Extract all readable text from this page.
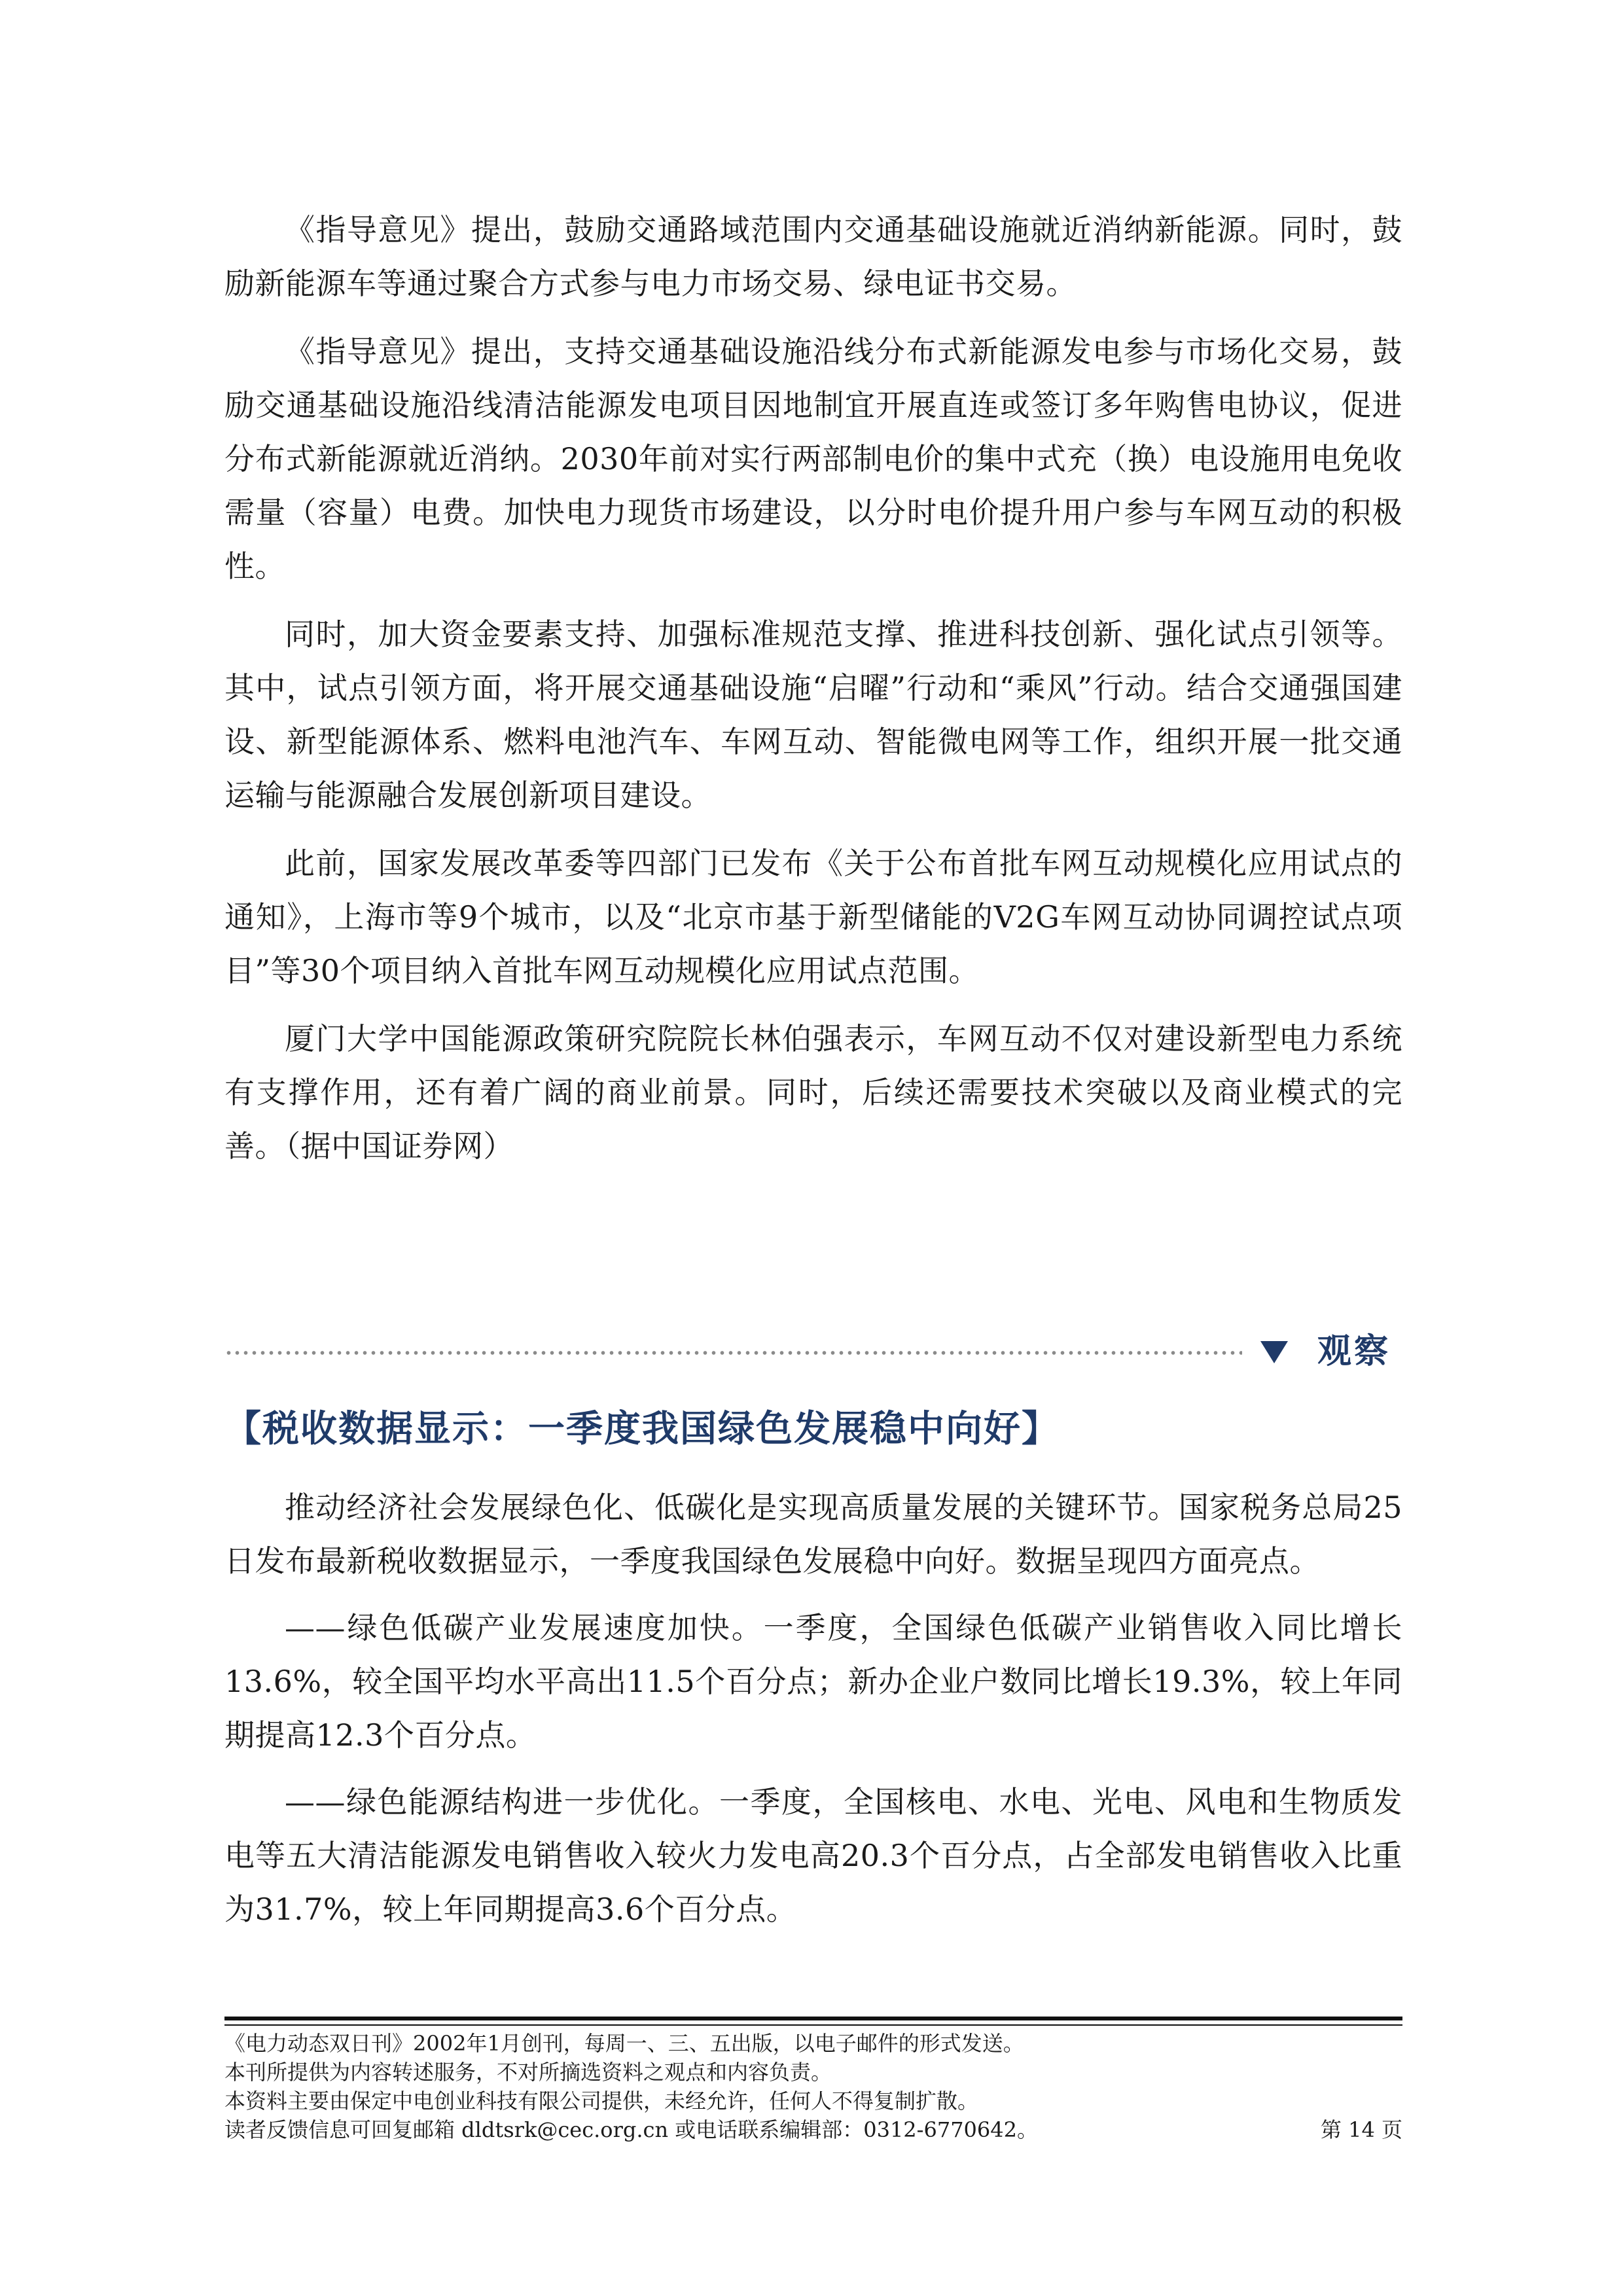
《指导意见》提出，鼓励交通路域范围内交通基础设施就近消纳新能源。同时，鼓励新能源车等通过聚合方式参与电力市场交易、绿电证书交易。

《指导意见》提出，支持交通基础设施沿线分布式新能源发电参与市场化交易，鼓励交通基础设施沿线清洁能源发电项目因地制宜开展直连或签订多年购售电协议，促进分布式新能源就近消纳。2030年前对实行两部制电价的集中式充（换）电设施用电免收需量（容量）电费。加快电力现货市场建设，以分时电价提升用户参与车网互动的积极性。

同时，加大资金要素支持、加强标准规范支撑、推进科技创新、强化试点引领等。其中，试点引领方面，将开展交通基础设施“启曜”行动和“乘风”行动。结合交通强国建设、新型能源体系、燃料电池汽车、车网互动、智能微电网等工作，组织开展一批交通运输与能源融合发展创新项目建设。

此前，国家发展改革委等四部门已发布《关于公布首批车网互动规模化应用试点的通知》，上海市等9个城市，以及“北京市基于新型储能的V2G车网互动协同调控试点项目”等30个项目纳入首批车网互动规模化应用试点范围。

厦门大学中国能源政策研究院院长林伯强表示，车网互动不仅对建设新型电力系统有支撑作用，还有着广阔的商业前景。同时，后续还需要技术突破以及商业模式的完善。（据中国证券网）

观察
【税收数据显示：一季度我国绿色发展稳中向好】

推动经济社会发展绿色化、低碳化是实现高质量发展的关键环节。国家税务总局25日发布最新税收数据显示，一季度我国绿色发展稳中向好。数据呈现四方面亮点。

——绿色低碳产业发展速度加快。一季度，全国绿色低碳产业销售收入同比增长13.6%，较全国平均水平高出11.5个百分点；新办企业户数同比增长19.3%，较上年同期提高12.3个百分点。

——绿色能源结构进一步优化。一季度，全国核电、水电、光电、风电和生物质发电等五大清洁能源发电销售收入较火力发电高20.3个百分点，占全部发电销售收入比重为31.7%，较上年同期提高3.6个百分点。

《电力动态双日刊》2002年1月创刊，每周一、三、五出版，以电子邮件的形式发送。
本刊所提供为内容转述服务，不对所摘选资料之观点和内容负责。
本资料主要由保定中电创业科技有限公司提供，未经允许，任何人不得复制扩散。
读者反馈信息可回复邮箱 dldtsrk@cec.org.cn 或电话联系编辑部：0312-6770642。	第 14 页
